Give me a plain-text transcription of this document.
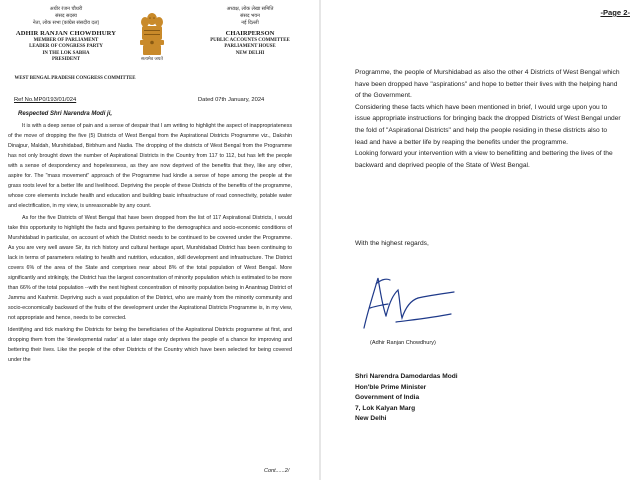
अधीर रंजन चौधरी
संसद सदस्य
नेता, लोक सभा (कांग्रेस संसदीय दल)
ADHIR RANJAN CHOWDHURY
MEMBER OF PARLIAMENT
LEADER OF CONGRESS PARTY
IN THE LOK SABHA
PRESIDENT
WEST BENGAL PRADESH CONGRESS COMMITTEE
सत्यमेव जयते
अध्यक्ष, लोक लेखा समिति
संसद भवन
नई दिल्ली
CHAIRPERSON
PUBLIC ACCOUNTS COMMITTEE
PARLIAMENT HOUSE
NEW DELHI
Ref No.MP0/193/01/024	Dated 07th January, 2024
Respected Shri Narendra Modi ji,

It is with a deep sense of pain and a sense of despair that I am writing to highlight the aspect of inappropriateness of the move of dropping the five (5) Districts of West Bengal from the Aspirational Districts Programme viz., Dakshin Dinajpur, Maldah, Murshidabad, Birbhum and Nadia. The dropping of the districts of West Bengal from the Programme has not only brought down the number of Aspirational Districts in the Country from 117 to 112, but has left the people with a sense of despondency and hopelessness, as they are now deprived of the benefits that they, like any other, aspire for. The "mass movement" approach of the Programme had kindle a sense of hope among the people at the grass roots level for a better life and livelihood. Depriving the people of these Districts of the benefits of the programme, whose core elements include health and education and building basic infrastructure of road connectivity, potable water and electrification, in my view, is unreasonable by any count.

As for the five Districts of West Bengal that have been dropped from the list of 117 Aspirational Districts, I would take this opportunity to highlight the facts and figures pertaining to the demographics and socio-economic conditions of Murshidabad in particular, on account of which the District needs to be continued to be covered under the Programme. As you are very well aware Sir, its rich history and cultural heritage apart, Murshidabad District has been continuing to lack in terms of parameters relating to health and nutrition, education, skill development and infrastructure. The District covers 6% of the area of the State and comprises near about 8% of the total population of West Bengal. More significantly and strikingly, the District has the largest concentration of minority population which is estimated to be more than 66% of the total population --with the next highest concentration of minority population being in Anantnag District of Jammu and Kashmir. Depriving such a vast population of the District, who are mainly from the minority community and socio-economically backward of the fruits of the development under the Aspirational Districts Programme is, in my view, not appropriate and hence, needs to be corrected.

Identifying and tick marking the Districts for being the beneficiaries of the Aspirational Districts programme at first, and dropping them from the 'developmental radar' at a later stage only deprives the people of a chance for improving and bettering their lives. Like the people of the other Districts of the Country which have been selected for being covered under the

Cont......2/
-Page 2-

Programme, the people of Murshidabad as also the other 4 Districts of West Bengal which have been dropped have "aspirations" and hope to better their lives with the helping hand of the Government.

Considering these facts which have been mentioned in brief, I would urge upon you to issue appropriate instructions for bringing back the dropped Districts of West Bengal under the fold of "Aspirational Districts" and help the people residing in these districts also to lead and have a better life by reaping the benefits under the programme.

Looking forward your intervention with a view to benefitting and bettering the lives of the backward and deprived people of the State of West Bengal.

With the highest regards,
(Adhir Ranjan Chowdhury)
Shri Narendra Damodardas Modi
Hon'ble Prime Minister
Government of India
7, Lok Kalyan Marg
New Delhi
